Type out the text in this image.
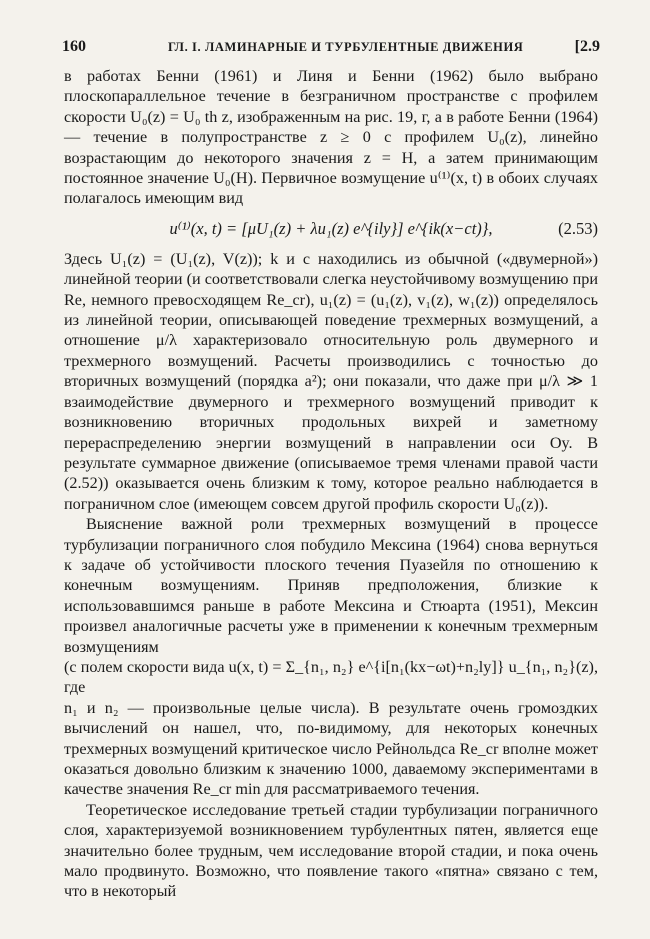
160	ГЛ. I. ЛАМИНАРНЫЕ И ТУРБУЛЕНТНЫЕ ДВИЖЕНИЯ	[2.9

в работах Бенни (1961) и Линя и Бенни (1962) было выбрано плоскопараллельное течение в безграничном пространстве с профилем скорости U₀(z) = U₀ th z, изображенным на рис. 19, г, а в работе Бенни (1964) — течение в полупространстве z ≥ 0 с профилем U₀(z), линейно возрастающим до некоторого значения z = H, а затем принимающим постоянное значение U₀(H). Первичное возмущение u⁽¹⁾(x, t) в обоих случаях полагалось имеющим вид

u⁽¹⁾(x, t) = [μU₁(z) + λu₁(z) e^{ily}] e^{ik(x−ct)},	(2.53)

Здесь U₁(z) = (U₁(z), V(z)); k и c находились из обычной («двумерной») линейной теории (и соответствовали слегка неустойчивому возмущению при Re, немного превосходящем Re_cr), u₁(z) = (u₁(z), v₁(z), w₁(z)) определялось из линейной теории, описывающей поведение трехмерных возмущений, а отношение μ/λ характеризовало относительную роль двумерного и трехмерного возмущений. Расчеты производились с точностью до вторичных возмущений (порядка a²); они показали, что даже при μ/λ ≫ 1 взаимодействие двумерного и трехмерного возмущений приводит к возникновению вторичных продольных вихрей и заметному перераспределению энергии возмущений в направлении оси Oy. В результате суммарное движение (описываемое тремя членами правой части (2.52)) оказывается очень близким к тому, которое реально наблюдается в пограничном слое (имеющем совсем другой профиль скорости U₀(z)).

Выяснение важной роли трехмерных возмущений в процессе турбулизации пограничного слоя побудило Мексина (1964) снова вернуться к задаче об устойчивости плоского течения Пуазейля по отношению к конечным возмущениям. Приняв предположения, близкие к использовавшимся раньше в работе Мексина и Стюарта (1951), Мексин произвел аналогичные расчеты уже в применении к конечным трехмерным возмущениям

(с полем скорости вида u(x, t) = Σ_{n₁, n₂} e^{i[n₁(kx−ωt)+n₂ly]} u_{n₁, n₂}(z), где

n₁ и n₂ — произвольные целые числа). В результате очень громоздких вычислений он нашел, что, по-видимому, для некоторых конечных трехмерных возмущений критическое число Рейнольдса Re_cr вполне может оказаться довольно близким к значению 1000, даваемому экспериментами в качестве значения Re_cr min для рассматриваемого течения.

Теоретическое исследование третьей стадии турбулизации пограничного слоя, характеризуемой возникновением турбулентных пятен, является еще значительно более трудным, чем исследование второй стадии, и пока очень мало продвинуто. Возможно, что появление такого «пятна» связано с тем, что в некоторый
